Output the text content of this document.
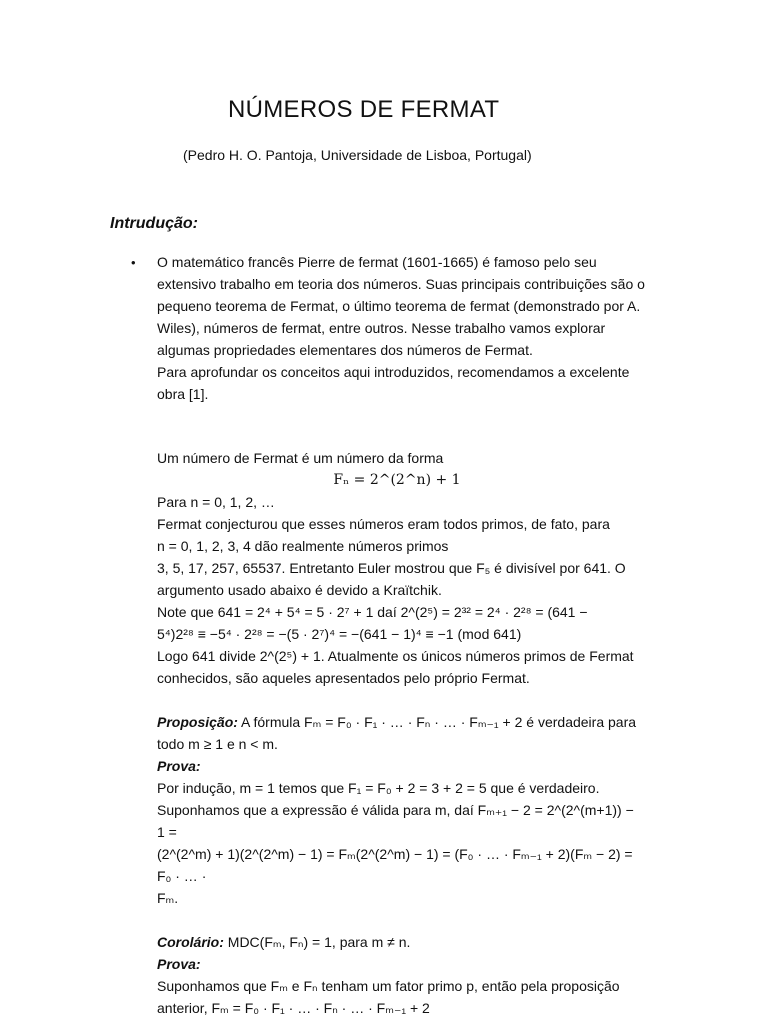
NÚMEROS DE FERMAT
(Pedro H. O. Pantoja, Universidade de Lisboa, Portugal)
Intrudução:
• O matemático francês Pierre de fermat (1601-1665) é famoso pelo seu extensivo trabalho em teoria dos números. Suas principais contribuições são o pequeno teorema de Fermat, o último teorema de fermat (demonstrado por A. Wiles), números de fermat, entre outros. Nesse trabalho vamos explorar algumas propriedades elementares dos números de Fermat.
Para aprofundar os conceitos aqui introduzidos, recomendamos a excelente obra [1].
Um número de Fermat é um número da forma
Fₙ = 2^(2^n) + 1
Para n = 0, 1, 2, …
Fermat conjecturou que esses números eram todos primos, de fato, para
n = 0, 1, 2, 3, 4 dão realmente números primos
3, 5, 17, 257, 65537. Entretanto Euler mostrou que F₅ é divisível por 641. O
argumento usado abaixo é devido a Kraïtchik.
Note que 641 = 2⁴ + 5⁴ = 5 · 2⁷ + 1 daí 2^(2⁵) = 2³² = 2⁴ · 2²⁸ = (641 −
5⁴)2²⁸ ≡ −5⁴ · 2²⁸ = −(5 · 2⁷)⁴ = −(641 − 1)⁴ ≡ −1 (mod 641)
Logo 641 divide 2^(2⁵) + 1. Atualmente os únicos números primos de Fermat
conhecidos, são aqueles apresentados pelo próprio Fermat.
Proposição: A fórmula Fₘ = F₀ · F₁ · … · Fₙ · … · Fₘ₋₁ + 2 é verdadeira para
todo m ≥ 1 e n < m.
Prova:
Por indução, m = 1 temos que F₁ = F₀ + 2 = 3 + 2 = 5 que é verdadeiro.
Suponhamos que a expressão é válida para m, daí Fₘ₊₁ − 2 = 2^(2^(m+1)) − 1 =
(2^(2^m) + 1)(2^(2^m) − 1) = Fₘ(2^(2^m) − 1) = (F₀ · … · Fₘ₋₁ + 2)(Fₘ − 2) = F₀ · … ·
Fₘ.
Corolário: MDC(Fₘ, Fₙ) = 1, para m ≠ n.
Prova:
Suponhamos que Fₘ e Fₙ tenham um fator primo p, então pela proposição
anterior, Fₘ = F₀ · F₁ · … · Fₙ · … · Fₘ₋₁ + 2
